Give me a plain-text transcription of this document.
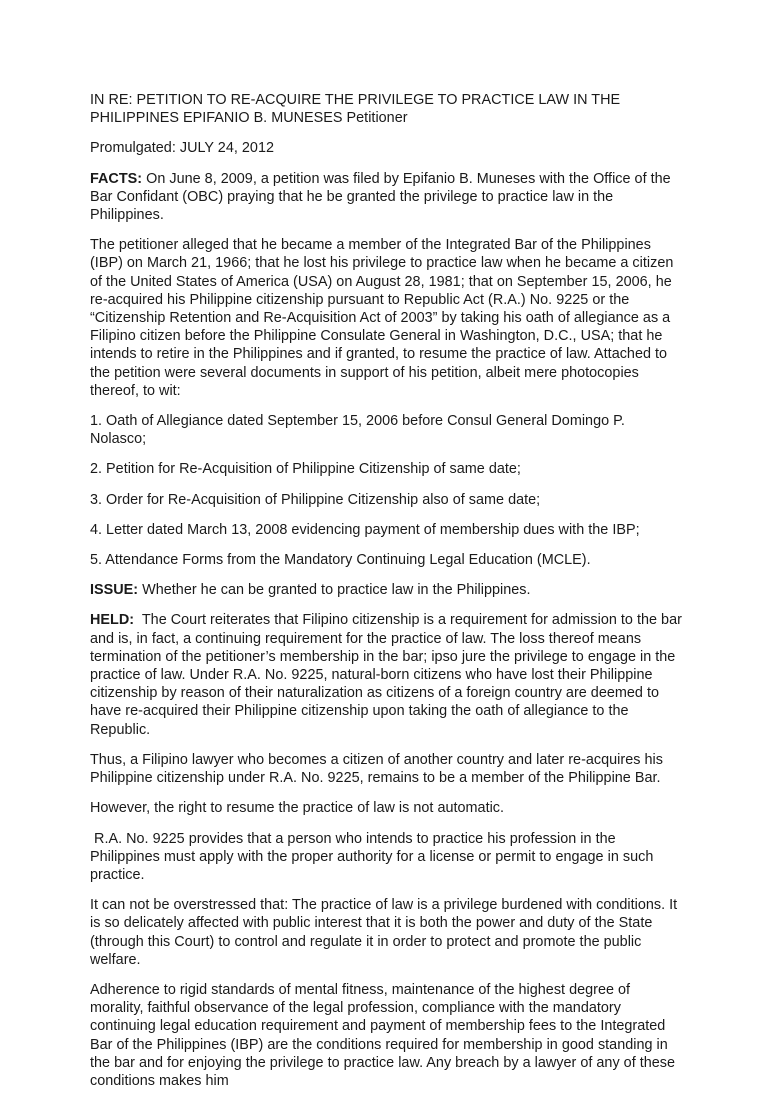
IN RE: PETITION TO RE-ACQUIRE THE PRIVILEGE TO PRACTICE LAW IN THE PHILIPPINES EPIFANIO B. MUNESES Petitioner

Promulgated: JULY 24, 2012

FACTS: On June 8, 2009, a petition was filed by Epifanio B. Muneses with the Office of the Bar Confidant (OBC) praying that he be granted the privilege to practice law in the Philippines.

The petitioner alleged that he became a member of the Integrated Bar of the Philippines (IBP) on March 21, 1966; that he lost his privilege to practice law when he became a citizen of the United States of America (USA) on August 28, 1981; that on September 15, 2006, he re-acquired his Philippine citizenship pursuant to Republic Act (R.A.) No. 9225 or the “Citizenship Retention and Re-Acquisition Act of 2003” by taking his oath of allegiance as a Filipino citizen before the Philippine Consulate General in Washington, D.C., USA; that he intends to retire in the Philippines and if granted, to resume the practice of law. Attached to the petition were several documents in support of his petition, albeit mere photocopies thereof, to wit:

1. Oath of Allegiance dated September 15, 2006 before Consul General Domingo P. Nolasco;

2. Petition for Re-Acquisition of Philippine Citizenship of same date;

3. Order for Re-Acquisition of Philippine Citizenship also of same date;

4. Letter dated March 13, 2008 evidencing payment of membership dues with the IBP;

5. Attendance Forms from the Mandatory Continuing Legal Education (MCLE).

ISSUE: Whether he can be granted to practice law in the Philippines.

HELD:  The Court reiterates that Filipino citizenship is a requirement for admission to the bar and is, in fact, a continuing requirement for the practice of law. The loss thereof means termination of the petitioner’s membership in the bar; ipso jure the privilege to engage in the practice of law. Under R.A. No. 9225, natural-born citizens who have lost their Philippine citizenship by reason of their naturalization as citizens of a foreign country are deemed to have re-acquired their Philippine citizenship upon taking the oath of allegiance to the Republic.

Thus, a Filipino lawyer who becomes a citizen of another country and later re-acquires his Philippine citizenship under R.A. No. 9225, remains to be a member of the Philippine Bar.

However, the right to resume the practice of law is not automatic.

R.A. No. 9225 provides that a person who intends to practice his profession in the Philippines must apply with the proper authority for a license or permit to engage in such practice.

It can not be overstressed that: The practice of law is a privilege burdened with conditions. It is so delicately affected with public interest that it is both the power and duty of the State (through this Court) to control and regulate it in order to protect and promote the public welfare.

Adherence to rigid standards of mental fitness, maintenance of the highest degree of morality, faithful observance of the legal profession, compliance with the mandatory continuing legal education requirement and payment of membership fees to the Integrated Bar of the Philippines (IBP) are the conditions required for membership in good standing in the bar and for enjoying the privilege to practice law. Any breach by a lawyer of any of these conditions makes him
